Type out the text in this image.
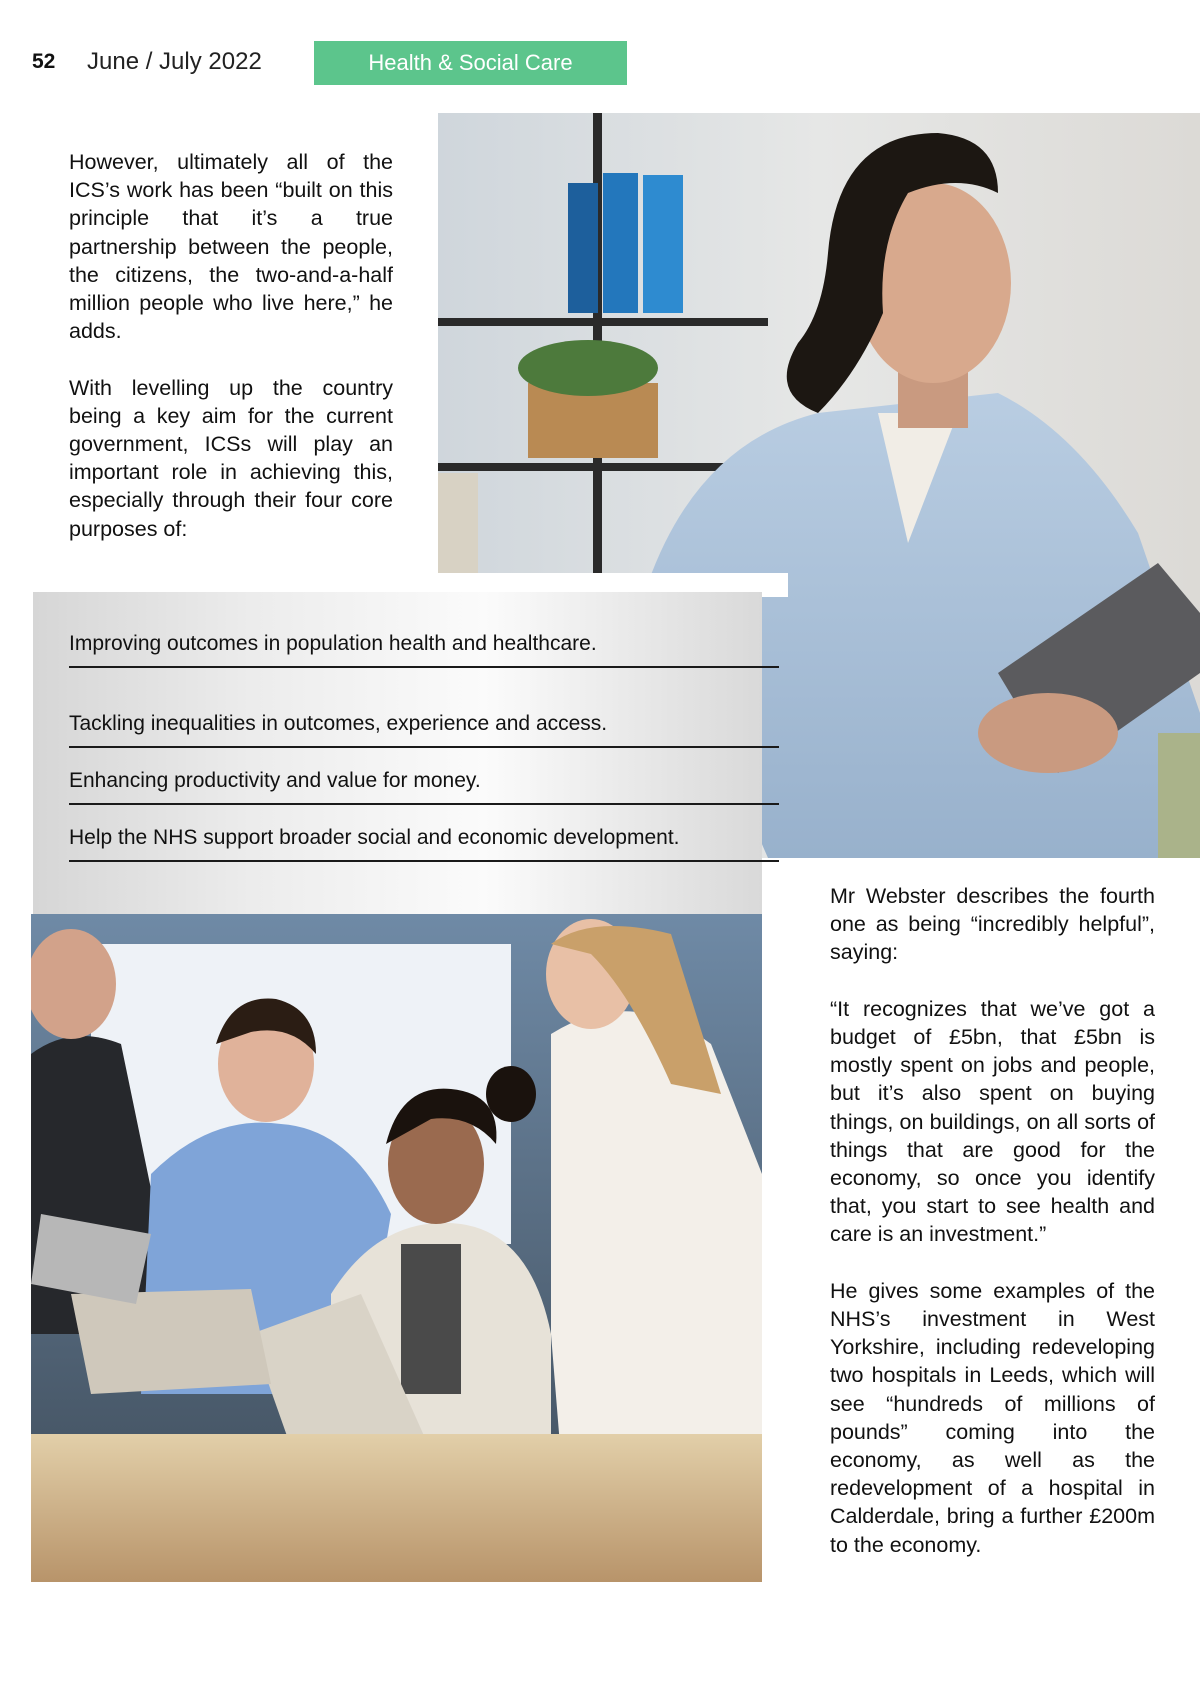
52 June / July 2022	Health & Social Care

However, ultimately all of the ICS’s work has been “built on this principle that it’s a true partnership between the people, the citizens, the two-and-a-half million people who live here,” he adds.

With levelling up the country being a key aim for the current government, ICSs will play an important role in achieving this, especially through their four core purposes of:

Improving outcomes in population health and healthcare.
Tackling inequalities in outcomes, experience and access.
Enhancing productivity and value for money.
Help the NHS support broader social and economic development.

Mr Webster describes the fourth one as being “incredibly helpful”, saying:

“It recognizes that we’ve got a budget of £5bn, that £5bn is mostly spent on jobs and people, but it’s also spent on buying things, on buildings, on all sorts of things that are good for the economy, so once you identify that, you start to see health and care is an investment.”

He gives some examples of the NHS’s investment in West Yorkshire, including redeveloping two hospitals in Leeds, which will see “hundreds of millions of pounds” coming into the economy, as well as the redevelopment of a hospital in Calderdale, bring a further £200m to the economy.
